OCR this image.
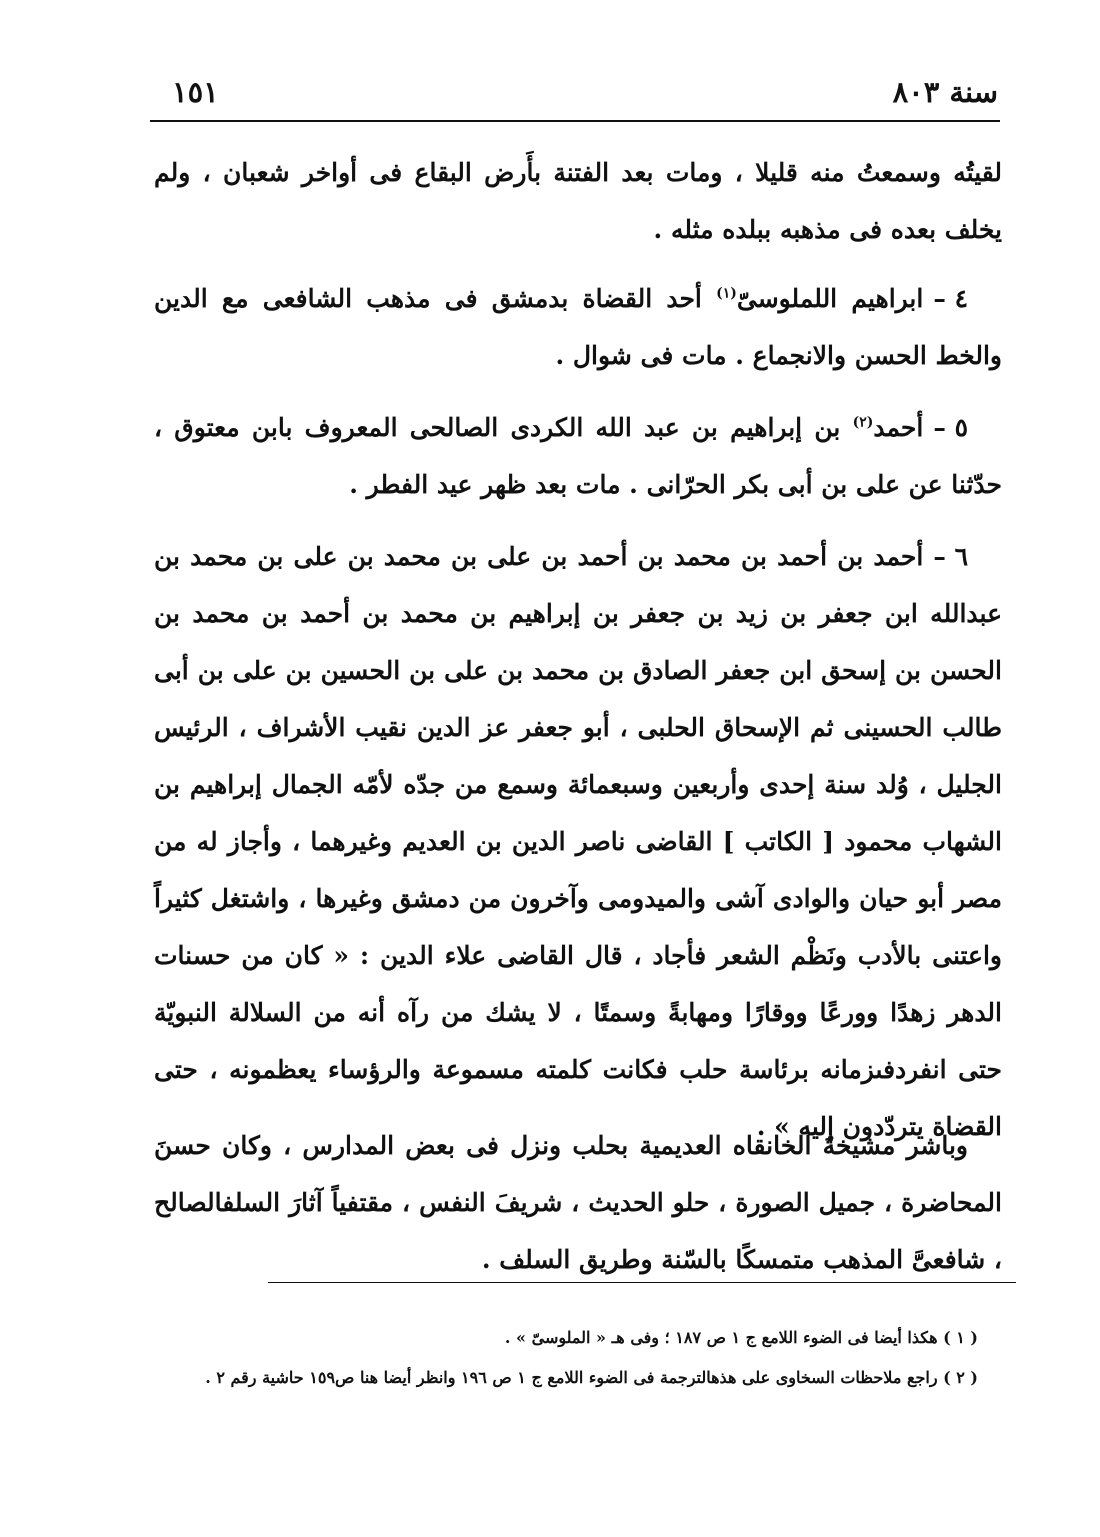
سنة ٨٠٣
١٥١

لقيتُه وسمعتُ منه قليلا ، ومات بعد الفتنة بأَرض البقاع فى أواخر شعبان ، ولم يخلف بعده فى مذهبه ببلده مثله .

٤ –ابراهيم اللملوسىّ$^{(١)}$ أحد القضاة بدمشق فى مذهب الشافعى مع الدين والخط الحسن والانجماع . مات فى شوال .

٥ –أحمد$^{(٢)}$ بن إبراهيم بن عبد الله الكردى الصالحى المعروف بابن معتوق ، حدّثنا عن على بن أبى بكر الحرّانى . مات بعد ظهر عيد الفطر .

٦ –أحمد بن أحمد بن محمد بن أحمد بن على بن محمد بن على بن محمد بن عبدالله ابن جعفر بن زيد بن جعفر بن إبراهيم بن محمد بن أحمد بن محمد بن الحسن بن إسحق ابن جعفر الصادق بن محمد بن على بن الحسين بن على بن أبى طالب الحسينى ثم الإسحاق الحلبى ، أبو جعفر عز الدين نقيب الأشراف ، الرئيس الجليل ، وُلد سنة إحدى وأربعين وسبعمائة وسمع من جدّه لأمّه الجمال إبراهيم بن الشهاب محمود [ الكاتب ] القاضى ناصر الدين بن العديم وغيرهما ، وأجاز له من مصر أبو حيان والوادى آشى والميدومى وآخرون من دمشق وغيرها ، واشتغل كثيراً واعتنى بالأدب ونَظْم الشعر فأجاد ، قال القاضى علاء الدين : « كان من حسنات الدهر زهدًا وورعًا ووقارًا ومهابةً وسمتًا ، لا يشك من رآه أنه من السلالة النبويّة حتى انفردفىزمانه برئاسة حلب فكانت كلمته مسموعة والرؤساء يعظمونه ، حتى القضاة يتردّدون إليه » .

وباشر مشيخةَ الخانقاه العديمية بحلب ونزل فى بعض المدارس ، وكان حسنَ المحاضرة ، جميل الصورة ، حلو الحديث ، شريفَ النفس ، مقتفياً آثارَ السلفالصالح ، شافعىَّ المذهب متمسكًا بالسّنة وطريق السلف .

( ١ ) هكذا أيضا فى الضوء اللامع ج ١ ص ١٨٧ ؛ وفى هـ « الملوسىّ » .

( ٢ ) راجع ملاحظات السخاوى على هذهالترجمة فى الضوء اللامع ج ١ ص ١٩٦ وانظر أيضا هنا ص١٥٩ حاشية رقم ٢ .
